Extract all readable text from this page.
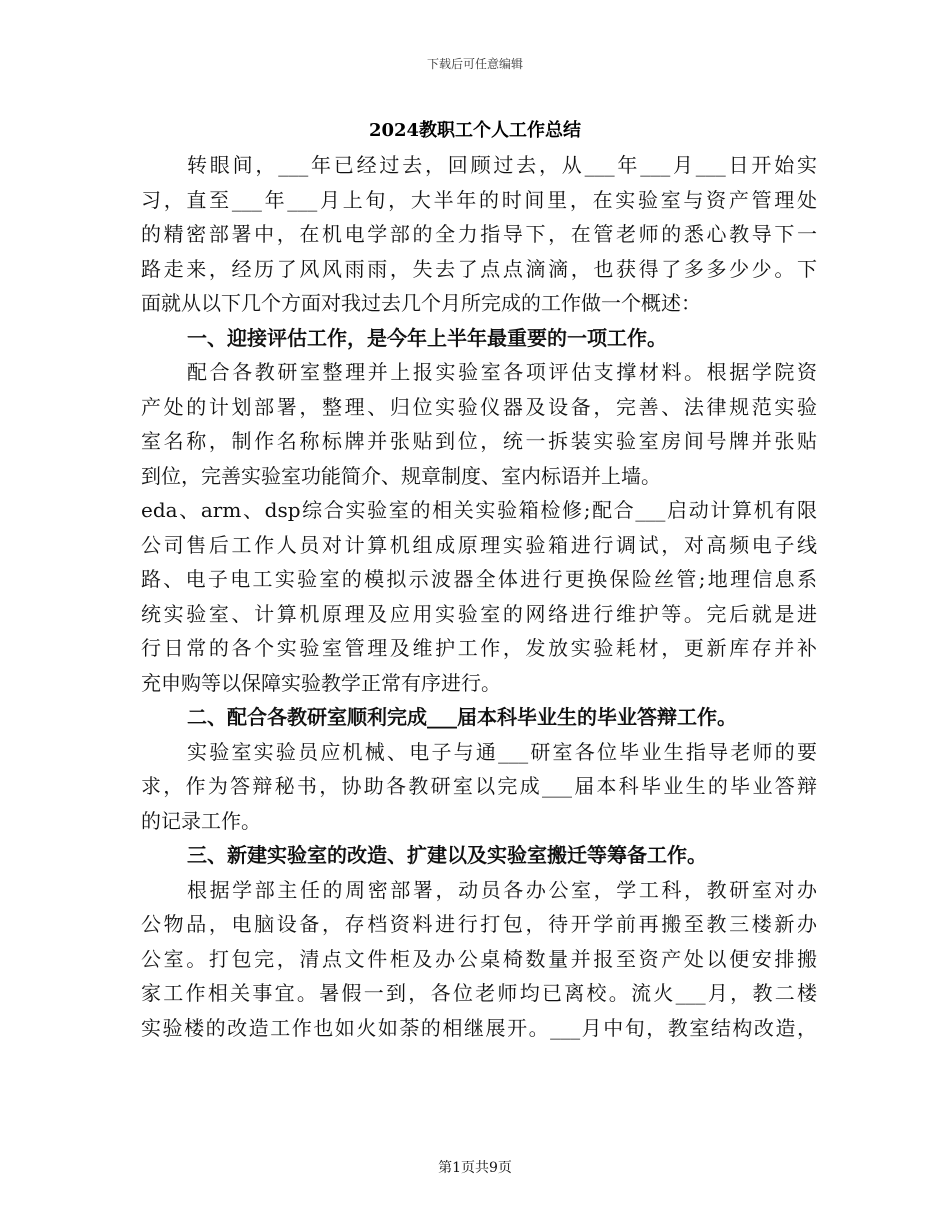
下载后可任意编辑
2024教职工个人工作总结
转眼间，___年已经过去，回顾过去，从___年___月___日开始实
习，直至___年___月上旬，大半年的时间里，在实验室与资产管理处
的精密部署中，在机电学部的全力指导下，在管老师的悉心教导下一
路走来，经历了风风雨雨，失去了点点滴滴，也获得了多多少少。下
面就从以下几个方面对我过去几个月所完成的工作做一个概述：
一、迎接评估工作，是今年上半年最重要的一项工作。
配合各教研室整理并上报实验室各项评估支撑材料。根据学院资
产处的计划部署，整理、归位实验仪器及设备，完善、法律规范实验
室名称，制作名称标牌并张贴到位，统一拆装实验室房间号牌并张贴
到位，完善实验室功能简介、规章制度、室内标语并上墙。
eda、arm、dsp综合实验室的相关实验箱检修;配合___启动计算机有限
公司售后工作人员对计算机组成原理实验箱进行调试，对高频电子线
路、电子电工实验室的模拟示波器全体进行更换保险丝管;地理信息系
统实验室、计算机原理及应用实验室的网络进行维护等。完后就是进
行日常的各个实验室管理及维护工作，发放实验耗材，更新库存并补
充申购等以保障实验教学正常有序进行。
二、配合各教研室顺利完成___届本科毕业生的毕业答辩工作。
实验室实验员应机械、电子与通___研室各位毕业生指导老师的要
求，作为答辩秘书，协助各教研室以完成___届本科毕业生的毕业答辩
的记录工作。
三、新建实验室的改造、扩建以及实验室搬迁等筹备工作。
根据学部主任的周密部署，动员各办公室，学工科，教研室对办
公物品，电脑设备，存档资料进行打包，待开学前再搬至教三楼新办
公室。打包完，清点文件柜及办公桌椅数量并报至资产处以便安排搬
家工作相关事宜。暑假一到，各位老师均已离校。流火___月，教二楼
实验楼的改造工作也如火如荼的相继展开。___月中旬，教室结构改造，
第1页共9页
